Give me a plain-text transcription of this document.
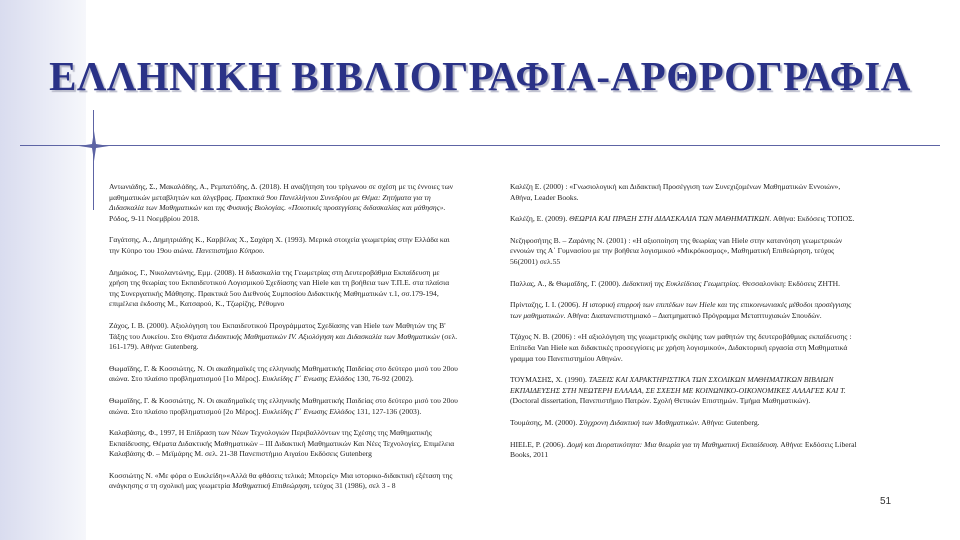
ΕΛΛΗΝΙΚΗ ΒΙΒΛΙΟΓΡΑΦΙΑ-ΑΡΘΡΟΓΡΑΦΙΑ
Αντωνιάδης, Σ., Μακαλάδης, Α., Ρεμπατόδης, Δ. (2018). Η αναζήτηση του τρίγωνου σε σχέση με τις έννοιες των μαθηματικών μεταβλητών και άλγεβρας. Πρακτικά 9ου Πανελλήνιου Συνεδρίου με Θέμα: Ζητήματα για τη Διδασκαλία των Μαθηματικών και της Φυσικής Βιολογίας. «Ποιοτικές προσεγγίσεις διδασκαλίας και μάθησης». Ρόδος, 9-11 Νοεμβρίου 2018.
Γαγάτσης, Α., Δημητριάδης Κ., Καρβέλας Χ., Σαχάρη Χ. (1993). Μερικά στοιχεία γεωμετρίας στην Ελλάδα και την Κύπρο του 19ου αιώνα. Πανεπιστήμιο Κύπρου.
Δημάκος, Γ., Νικολαντώνης, Εμμ. (2008). Η διδασκαλία της Γεωμετρίας στη Δευτεροβάθμια Εκπαίδευση με χρήση της θεωρίας του Εκπαιδευτικού Λογισμικού Σχεδίασης van Hiele και τη βοήθεια των Τ.Π.Ε. στα πλαίσια της Συνεργατικής Μάθησης. Πρακτικά 5ου Διεθνούς Συμποσίου Διδακτικής Μαθηματικών τ.1, σσ.179-194, επιμέλεια έκδοσης Μ., Κατσαρού, Κ., Τζωρίζης, Ρέθυμνο
Ζάχος, Ι. Β. (2000). Αξιολόγηση του Εκπαιδευτικού Προγράμματος Σχεδίασης van Hiele των Μαθητών της Β' Τάξης του Λυκείου. Στο Θέματα Διδακτικής Μαθηματικών IV. Αξιολόγηση και Διδασκαλία των Μαθηματικών (σελ. 161-179). Αθήνα: Gutenberg.
Θωμαΐδης, Γ. & Κοσσιώτης, Ν. Οι ακαδημαϊκές της ελληνικής Μαθηματικής Παιδείας στο δεύτερο μισό του 20ου αιώνα. Στο πλαίσιο προβληματισμού [1ο Μέρος]. Ευκλείδης Γ΄ Ενωσης Ελλάδος 130, 76-92 (2002).
Θωμαΐδης, Γ. & Κοσσιώτης, Ν. Οι ακαδημαϊκές της ελληνικής Μαθηματικής Παιδείας στο δεύτερο μισό του 20ου αιώνα. Στο πλαίσιο προβληματισμού [2ο Μέρος]. Ευκλείδης Γ΄ Ενωσης Ελλάδος 131, 127-136 (2003).
Καλαβάσης, Φ., 1997, Η Επίδραση των Νέων Τεχνολογιών Περιβαλλόντων της Σχέσης της Μαθηματικής Εκπαίδευσης, Θέματα Διδακτικής Μαθηματικών – ΙΙΙ Διδακτική Μαθηματικών Και Νέες Τεχνολογίες, Επιμέλεια Καλαβάσης Φ. – Μεϊμάρης Μ. σελ. 21-38 Πανεπιστήμιο Αιγαίου Εκδόσεις Gutenberg
Κοσσιώτης Ν. «Με φόρα ο Ευκλείδη»«Αλλά θα φθάσεις τελικά; Μπορείς» Μια ιστορικο-διδακτική εξέταση της ανάγκησης σ τη σχολική μας γεωμετρία Μαθηματική Επιθεώρηση, τεύχος 31 (1986), σελ 3 - 8
Καλέζη Ε. (2000) : «Γνωσιολογική και Διδακτική Προσέγγιση των Συνεχιζομένων Μαθηματικών Εννοιών», Αθήνα, Leader Books.
Καλέζη, Ε. (2009). ΘΕΩΡΙΑ ΚΑΙ ΠΡΑΞΗ ΣΤΗ ΔΙΔΑΣΚΑΛΙΑ ΤΩΝ ΜΑΘΗΜΑΤΙΚΩΝ. Αθήνα: Εκδόσεις ΤΟΠΟΣ.
Νεζηφοσήτης Β. – Ζαράνης Ν. (2001) : «Η αξιοποίηση της θεωρίας van Hiele στην κατανόηση γεωμετρικών εννοιών της Α΄ Γυμνασίου με την βοήθεια λογισμικού «Μικρόκοσμος», Μαθηματική Επιθεώρηση, τεύχος 56(2001) σελ.55
Παλλας, Α., & Θωμαΐδης, Γ. (2000). Διδακτική της Ευκλείδειας Γεωμετρίας. Θεσσαλονίκη: Εκδόσεις ΖΗΤΗ.
Πρίνταζης, Ι. Ι. (2006). Η ιστορική επιρροή των επιπέδων των Hiele και της επικοινωνιακές μέθοδοι προσέγγισης των μαθηματικών. Αθήνα: Διαπανεπιστημιακό – Διατμηματικό Πρόγραμμα Μεταπτυχιακών Σπουδών.
Τζάχος Ν. Β. (2006) : «Η αξιολόγηση της γεωμετρικής σκέψης των μαθητών της δευτεροβάθμιας εκπαίδευσης : Επίπεδα Van Hiele και διδακτικές προσεγγίσεις με χρήση λογισμικού», Διδακτορική εργασία στη Μαθηματικά γραμμα του Πανεπιστημίου Αθηνών.
ΤΟΥΜΑΣΗΣ, Χ. (1990). ΤΑΞΕΙΣ ΚΑΙ ΧΑΡΑΚΤΗΡΙΣΤΙΚΑ ΤΩΝ ΣΧΟΛΙΚΩΝ ΜΑΘΗΜΑΤΙΚΩΝ ΒΙΒΛΙΩΝ ΕΚΠΑΙΔΕΥΣΗΣ ΣΤΗ ΝΕΩΤΕΡΗ ΕΛΛΑΔΑ, ΣΕ ΣΧΕΣΗ ΜΕ ΚΟΙΝΩΝΙΚΟ-ΟΙΚΟΝΟΜΙΚΕΣ ΑΛΛΑΓΕΣ ΚΑΙ Τ. (Doctoral dissertation, Πανεπιστήμιο Πατρών. Σχολή Θετικών Επιστημών. Τμήμα Μαθηματικών).
Τουμάσης, Μ. (2000). Σύγχρονη Διδακτική των Μαθηματικών. Αθήνα: Gutenberg.
HIELE, P. (2006). Δομή και Διορατικότητα: Μια θεωρία για τη Μαθηματική Εκπαίδευση. Αθήνα: Εκδόσεις Liberal Books, 2011
51
